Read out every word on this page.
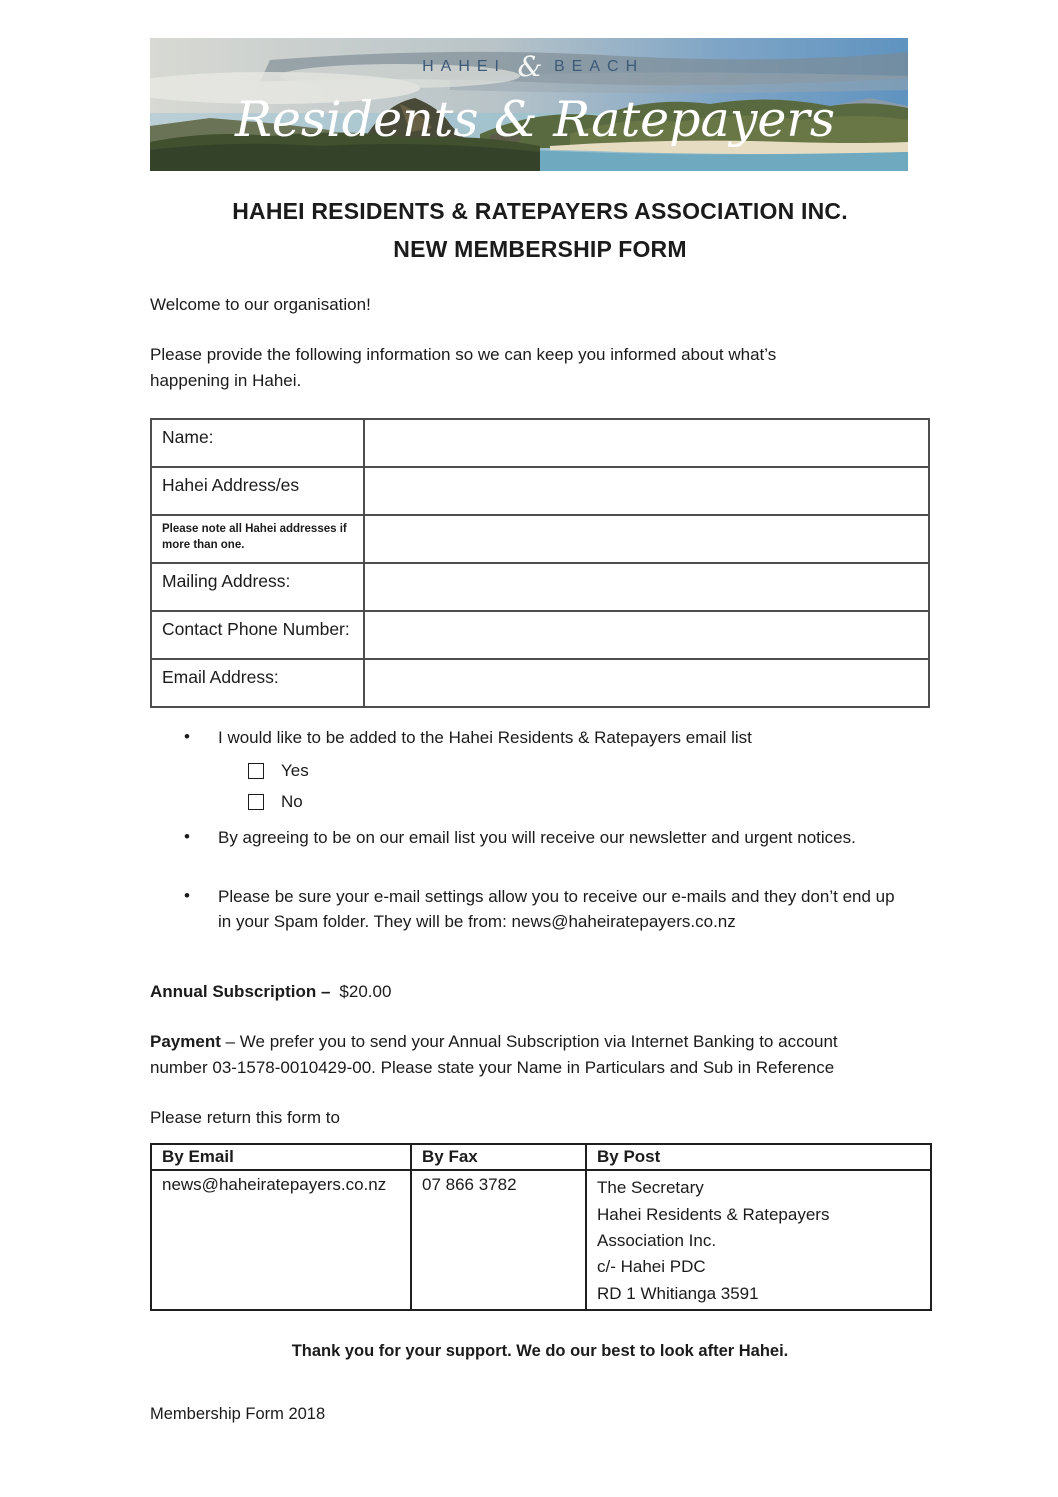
HAHEI & BEACH
Residents & Ratepayers
HAHEI RESIDENTS & RATEPAYERS ASSOCIATION INC.
NEW MEMBERSHIP FORM
Welcome to our organisation!
Please provide the following information so we can keep you informed about what’s happening in Hahei.
Name:	
Hahei Address/es	
Please note all Hahei addresses if more than one.	
Mailing Address:	
Contact Phone Number:	
Email Address:	
• I would like to be added to the Hahei Residents & Ratepayers email list
Yes
No
• By agreeing to be on our email list you will receive our newsletter and urgent notices.
• Please be sure your e-mail settings allow you to receive our e-mails and they don’t end up in your Spam folder. They will be from: news@haheiratepayers.co.nz
Annual Subscription – $20.00
Payment – We prefer you to send your Annual Subscription via Internet Banking to account number 03-1578-0010429-00. Please state your Name in Particulars and Sub in Reference
Please return this form to
By Email	By Fax	By Post
news@haheiratepayers.co.nz	07 866 3782	The Secretary
Hahei Residents & Ratepayers
Association Inc.
c/- Hahei PDC
RD 1 Whitianga 3591
Thank you for your support. We do our best to look after Hahei.
Membership Form 2018
